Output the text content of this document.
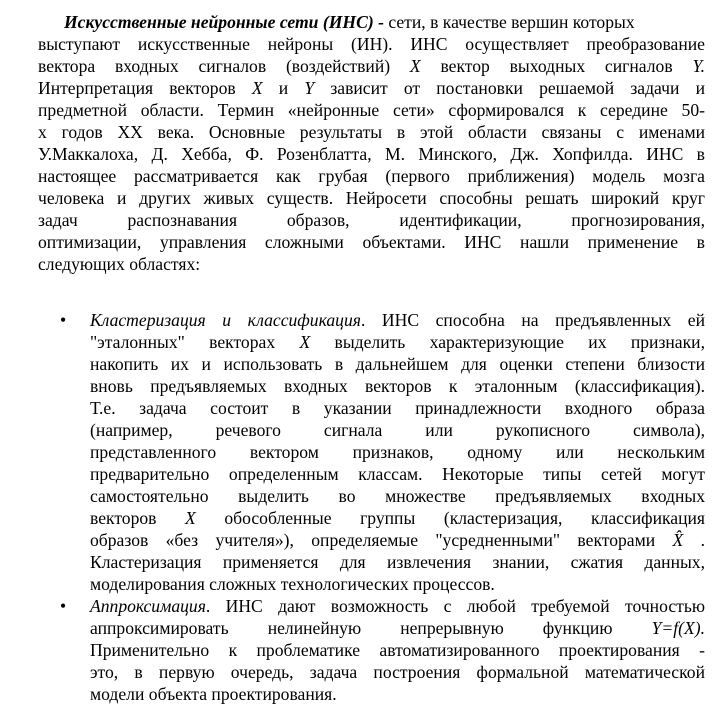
Искусственные нейронные сети (ИНС) - сети, в качестве вершин которых
выступают искусственные нейроны (ИН). ИНС осуществляет преобразование
вектора входных сигналов (воздействий) X вектор выходных сигналов Y.
Интерпретация векторов X и Y зависит от постановки решаемой задачи и
предметной области. Термин «нейронные сети» сформировался к середине 50-
х годов XX века. Основные результаты в этой области связаны с именами
У.Маккалоха, Д. Хебба, Ф. Розенблатта, М. Минского, Дж. Хопфилда. ИНС в
настоящее рассматривается как грубая (первого приближения) модель мозга
человека и других живых существ. Нейросети способны решать широкий круг
задач распознавания образов, идентификации, прогнозирования,
оптимизации, управления сложными объектами. ИНС нашли применение в
следующих областях:
• Кластеризация и классификация. ИНС способна на предъявленных ей
"эталонных" векторах X выделить характеризующие их признаки,
накопить их и использовать в дальнейшем для оценки степени близости
вновь предъявляемых входных векторов к эталонным (классификация).
Т.е. задача состоит в указании принадлежности входного образа
(например, речевого сигнала или рукописного символа),
представленного вектором признаков, одному или нескольким
предварительно определенным классам. Некоторые типы сетей могут
самостоятельно выделить во множестве предъявляемых входных
векторов X обособленные группы (кластеризация, классификация
образов «без учителя»), определяемые "усредненными" векторами X̂ .
Кластеризация применяется для извлечения знании, сжатия данных,
моделирования сложных технологических процессов.
• Аппроксимация. ИНС дают возможность с любой требуемой точностью
аппроксимировать нелинейную непрерывную функцию Y=f(X).
Применительно к проблематике автоматизированного проектирования -
это, в первую очередь, задача построения формальной математической
модели объекта проектирования.
